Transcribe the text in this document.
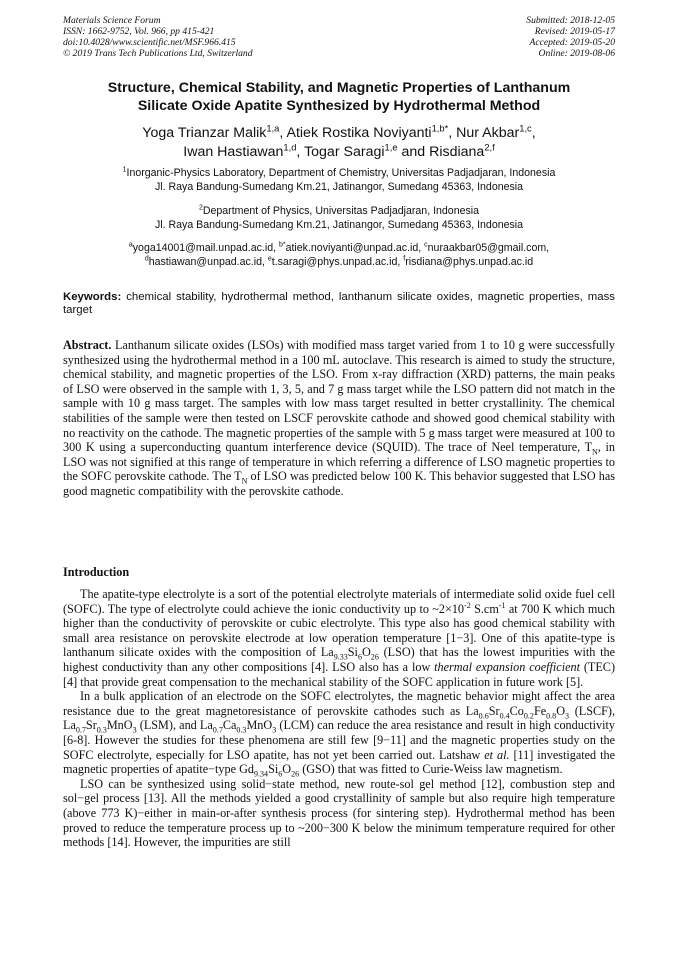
Materials Science Forum
ISSN: 1662-9752, Vol. 966, pp 415-421
doi:10.4028/www.scientific.net/MSF.966.415
© 2019 Trans Tech Publications Ltd, Switzerland
Submitted: 2018-12-05
Revised: 2019-05-17
Accepted: 2019-05-20
Online: 2019-08-06
Structure, Chemical Stability, and Magnetic Properties of Lanthanum
Silicate Oxide Apatite Synthesized by Hydrothermal Method
Yoga Trianzar Malik$^{1,a}$, Atiek Rostika Noviyanti$^{1,b*}$, Nur Akbar$^{1,c}$,
Iwan Hastiawan$^{1,d}$, Togar Saragi$^{1,e}$ and Risdiana$^{2,f}$
$^1$Inorganic-Physics Laboratory, Department of Chemistry, Universitas Padjadjaran, Indonesia
Jl. Raya Bandung-Sumedang Km.21, Jatinangor, Sumedang 45363, Indonesia
$^2$Department of Physics, Universitas Padjadjaran, Indonesia
Jl. Raya Bandung-Sumedang Km.21, Jatinangor, Sumedang 45363, Indonesia
$^a$yoga14001@mail.unpad.ac.id, $^{b*}$atiek.noviyanti@unpad.ac.id, $^c$nuraakbar05@gmail.com,
$^d$hastiawan@unpad.ac.id, $^e$t.saragi@phys.unpad.ac.id, $^f$risdiana@phys.unpad.ac.id
Keywords: chemical stability, hydrothermal method, lanthanum silicate oxides, magnetic properties, mass target
Abstract. Lanthanum silicate oxides (LSOs) with modified mass target varied from 1 to 10 g were successfully synthesized using the hydrothermal method in a 100 mL autoclave. This research is aimed to study the structure, chemical stability, and magnetic properties of the LSO. From x-ray diffraction (XRD) patterns, the main peaks of LSO were observed in the sample with 1, 3, 5, and 7 g mass target while the LSO pattern did not match in the sample with 10 g mass target. The samples with low mass target resulted in better crystallinity. The chemical stabilities of the sample were then tested on LSCF perovskite cathode and showed good chemical stability with no reactivity on the cathode. The magnetic properties of the sample with 5 g mass target were measured at 100 to 300 K using a superconducting quantum interference device (SQUID). The trace of Neel temperature, $T_N$, in LSO was not signified at this range of temperature in which referring a difference of LSO magnetic properties to the SOFC perovskite cathode. The $T_N$ of LSO was predicted below 100 K. This behavior suggested that LSO has good magnetic compatibility with the perovskite cathode.
Introduction

The apatite-type electrolyte is a sort of the potential electrolyte materials of intermediate solid oxide fuel cell (SOFC). The type of electrolyte could achieve the ionic conductivity up to $\sim 2\times 10^{-2}$ $S.cm^{-1}$ at 700 K which much higher than the conductivity of perovskite or cubic electrolyte. This type also has good chemical stability with small area resistance on perovskite electrode at low operation temperature [1−3]. One of this apatite-type is lanthanum silicate oxides with the composition of $La_{9.33}Si_6O_{26}$ (LSO) that has the lowest impurities with the highest conductivity than any other compositions [4]. LSO also has a low thermal expansion coefficient (TEC) [4] that provide great compensation to the mechanical stability of the SOFC application in future work [5].

In a bulk application of an electrode on the SOFC electrolytes, the magnetic behavior might affect the area resistance due to the great magnetoresistance of perovskite cathodes such as $La_{0.6}Sr_{0.4}Co_{0.2}Fe_{0.8}O_3$ (LSCF), $La_{0.7}Sr_{0.3}MnO_3$ (LSM), and $La_{0.7}Ca_{0.3}MnO_3$ (LCM) can reduce the area resistance and result in high conductivity [6-8]. However the studies for these phenomena are still few [9−11] and the magnetic properties study on the SOFC electrolyte, especially for LSO apatite, has not yet been carried out. Latshaw et al. [11] investigated the magnetic properties of apatite−type $Gd_{9.34}Si_6O_{26}$ (GSO) that was fitted to Curie-Weiss law magnetism.

LSO can be synthesized using solid−state method, new route-sol gel method [12], combustion step and sol−gel process [13]. All the methods yielded a good crystallinity of sample but also require high temperature (above 773 K)−either in main-or-after synthesis process (for sintering step). Hydrothermal method has been proved to reduce the temperature process up to ~200−300 K below the minimum temperature required for other methods [14]. However, the impurities are still
